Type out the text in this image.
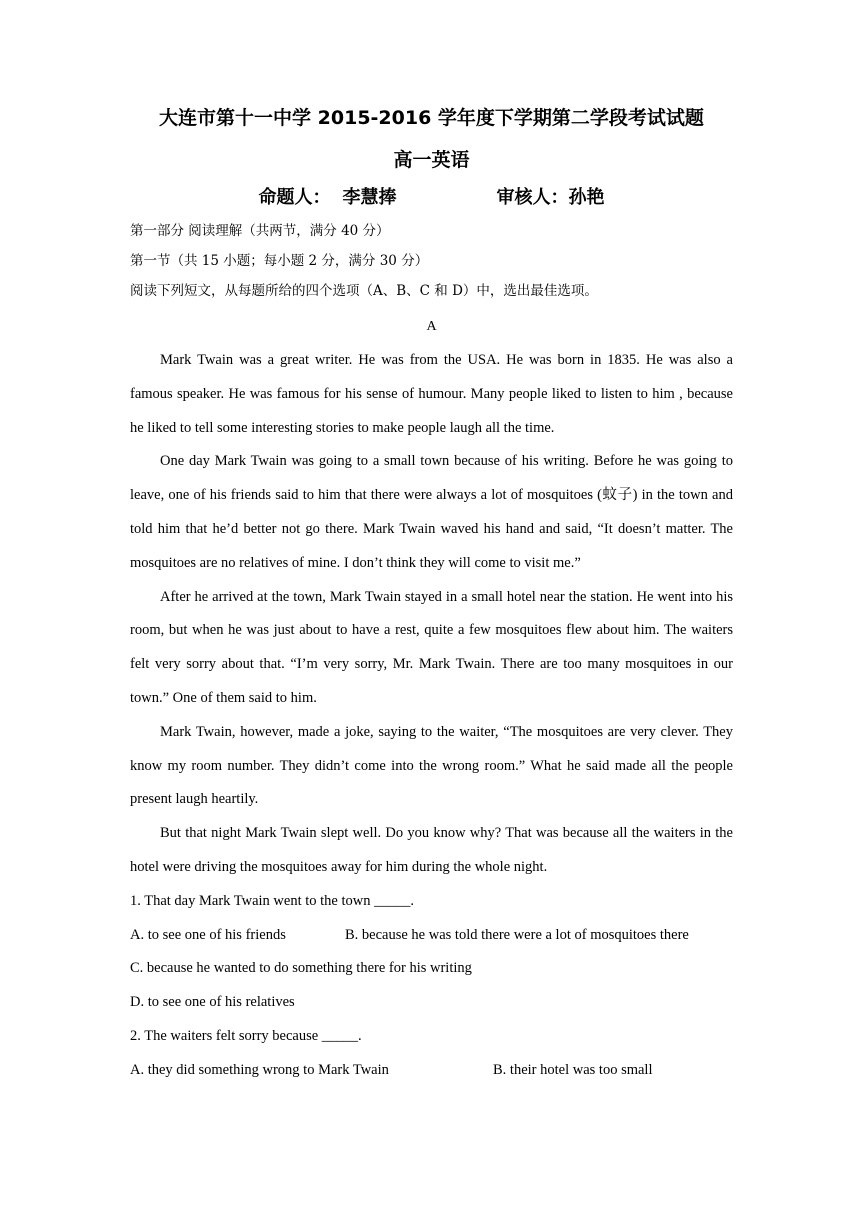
大连市第十一中学 2015-2016 学年度下学期第二学段考试试题

高一英语

命题人： 李慧捧	审核人：孙艳

第一部分 阅读理解（共两节，满分 40 分）

第一节（共 15 小题；每小题 2 分，满分 30 分）

阅读下列短文，从每题所给的四个选项（A、B、C 和 D）中，选出最佳选项。

A

Mark Twain was a great writer. He was from the USA. He was born in 1835. He was also a famous speaker. He was famous for his sense of humour. Many people liked to listen to him , because he liked to tell some interesting stories to make people laugh all the time.

One day Mark Twain was going to a small town because of his writing. Before he was going to leave, one of his friends said to him that there were always a lot of mosquitoes (蚊子) in the town and told him that he’d better not go there. Mark Twain waved his hand and said, “It doesn’t matter. The mosquitoes are no relatives of mine. I don’t think they will come to visit me.”

After he arrived at the town, Mark Twain stayed in a small hotel near the station. He went into his room, but when he was just about to have a rest, quite a few mosquitoes flew about him. The waiters felt very sorry about that. “I’m very sorry, Mr. Mark Twain. There are too many mosquitoes in our town.” One of them said to him.

Mark Twain, however, made a joke, saying to the waiter, “The mosquitoes are very clever. They know my room number. They didn’t come into the wrong room.” What he said made all the people present laugh heartily.

But that night Mark Twain slept well. Do you know why? That was because all the waiters in the hotel were driving the mosquitoes away for him during the whole night.

1. That day Mark Twain went to the town _____.

A. to see one of his friends	B. because he was told there were a lot of mosquitoes there

C. because he wanted to do something there for his writing

D. to see one of his relatives

2. The waiters felt sorry because _____.

A. they did something wrong to Mark Twain	B. their hotel was too small
